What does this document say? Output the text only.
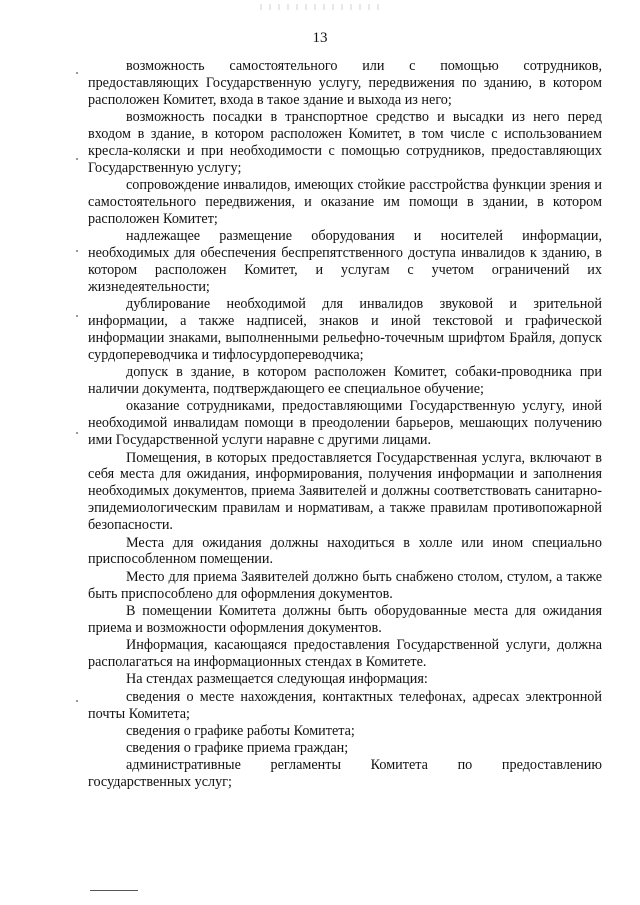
13

возможность самостоятельного или с помощью сотрудников, предоставляющих Государственную услугу, передвижения по зданию, в котором расположен Комитет, входа в такое здание и выхода из него;

возможность посадки в транспортное средство и высадки из него перед входом в здание, в котором расположен Комитет, в том числе с использованием кресла-коляски и при необходимости с помощью сотрудников, предоставляющих Государственную услугу;

сопровождение инвалидов, имеющих стойкие расстройства функции зрения и самостоятельного передвижения, и оказание им помощи в здании, в котором расположен Комитет;

надлежащее размещение оборудования и носителей информации, необходимых для обеспечения беспрепятственного доступа инвалидов к зданию, в котором расположен Комитет, и услугам с учетом ограничений их жизнедеятельности;

дублирование необходимой для инвалидов звуковой и зрительной информации, а также надписей, знаков и иной текстовой и графической информации знаками, выполненными рельефно-точечным шрифтом Брайля, допуск сурдопереводчика и тифлосурдопереводчика;

допуск в здание, в котором расположен Комитет, собаки-проводника при наличии документа, подтверждающего ее специальное обучение;

оказание сотрудниками, предоставляющими Государственную услугу, иной необходимой инвалидам помощи в преодолении барьеров, мешающих получению ими Государственной услуги наравне с другими лицами.

Помещения, в которых предоставляется Государственная услуга, включают в себя места для ожидания, информирования, получения информации и заполнения необходимых документов, приема Заявителей и должны соответствовать санитарно-эпидемиологическим правилам и нормативам, а также правилам противопожарной безопасности.

Места для ожидания должны находиться в холле или ином специально приспособленном помещении.

Место для приема Заявителей должно быть снабжено столом, стулом, а также быть приспособлено для оформления документов.

В помещении Комитета должны быть оборудованные места для ожидания приема и возможности оформления документов.

Информация, касающаяся предоставления Государственной услуги, должна располагаться на информационных стендах в Комитете.

На стендах размещается следующая информация:

сведения о месте нахождения, контактных телефонах, адресах электронной почты Комитета;

сведения о графике работы Комитета;

сведения о графике приема граждан;

административные регламенты Комитета по предоставлению государственных услуг;
